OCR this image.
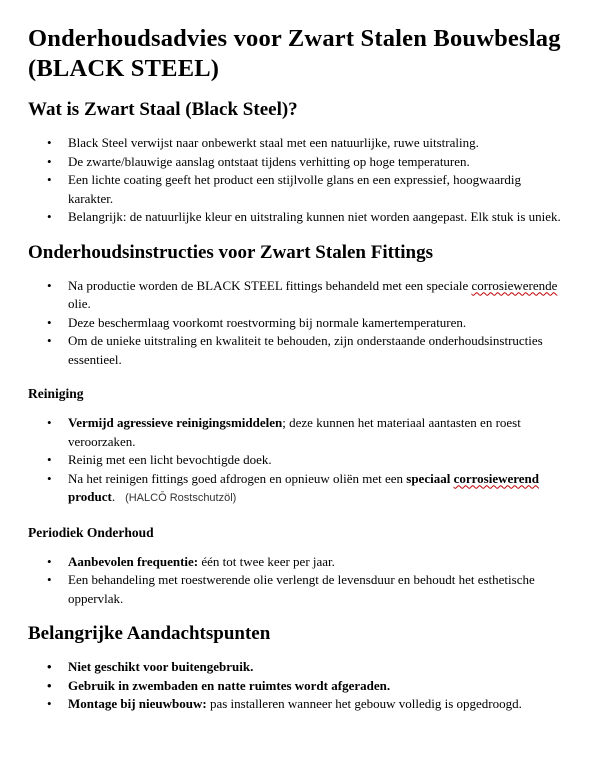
Onderhoudsadvies voor Zwart Stalen Bouwbeslag (BLACK STEEL)
Wat is Zwart Staal (Black Steel)?
• Black Steel verwijst naar onbewerkt staal met een natuurlijke, ruwe uitstraling.
• De zwarte/blauwige aanslag ontstaat tijdens verhitting op hoge temperaturen.
• Een lichte coating geeft het product een stijlvolle glans en een expressief, hoogwaardig karakter.
• Belangrijk: de natuurlijke kleur en uitstraling kunnen niet worden aangepast. Elk stuk is uniek.
Onderhoudsinstructies voor Zwart Stalen Fittings
• Na productie worden de BLACK STEEL fittings behandeld met een speciale corrosiewerende olie.
• Deze beschermlaag voorkomt roestvorming bij normale kamertemperaturen.
• Om de unieke uitstraling en kwaliteit te behouden, zijn onderstaande onderhoudsinstructies essentieel.
Reiniging
• Vermijd agressieve reinigingsmiddelen; deze kunnen het materiaal aantasten en roest veroorzaken.
• Reinig met een licht bevochtigde doek.
• Na het reinigen fittings goed afdrogen en opnieuw oliën met een speciaal corrosiewerend product. (HALCŌ Rostschutzöl)
Periodiek Onderhoud
• Aanbevolen frequentie: één tot twee keer per jaar.
• Een behandeling met roestwerende olie verlengt de levensduur en behoudt het esthetische oppervlak.
Belangrijke Aandachtspunten
• Niet geschikt voor buitengebruik.
• Gebruik in zwembaden en natte ruimtes wordt afgeraden.
• Montage bij nieuwbouw: pas installeren wanneer het gebouw volledig is opgedroogd.
